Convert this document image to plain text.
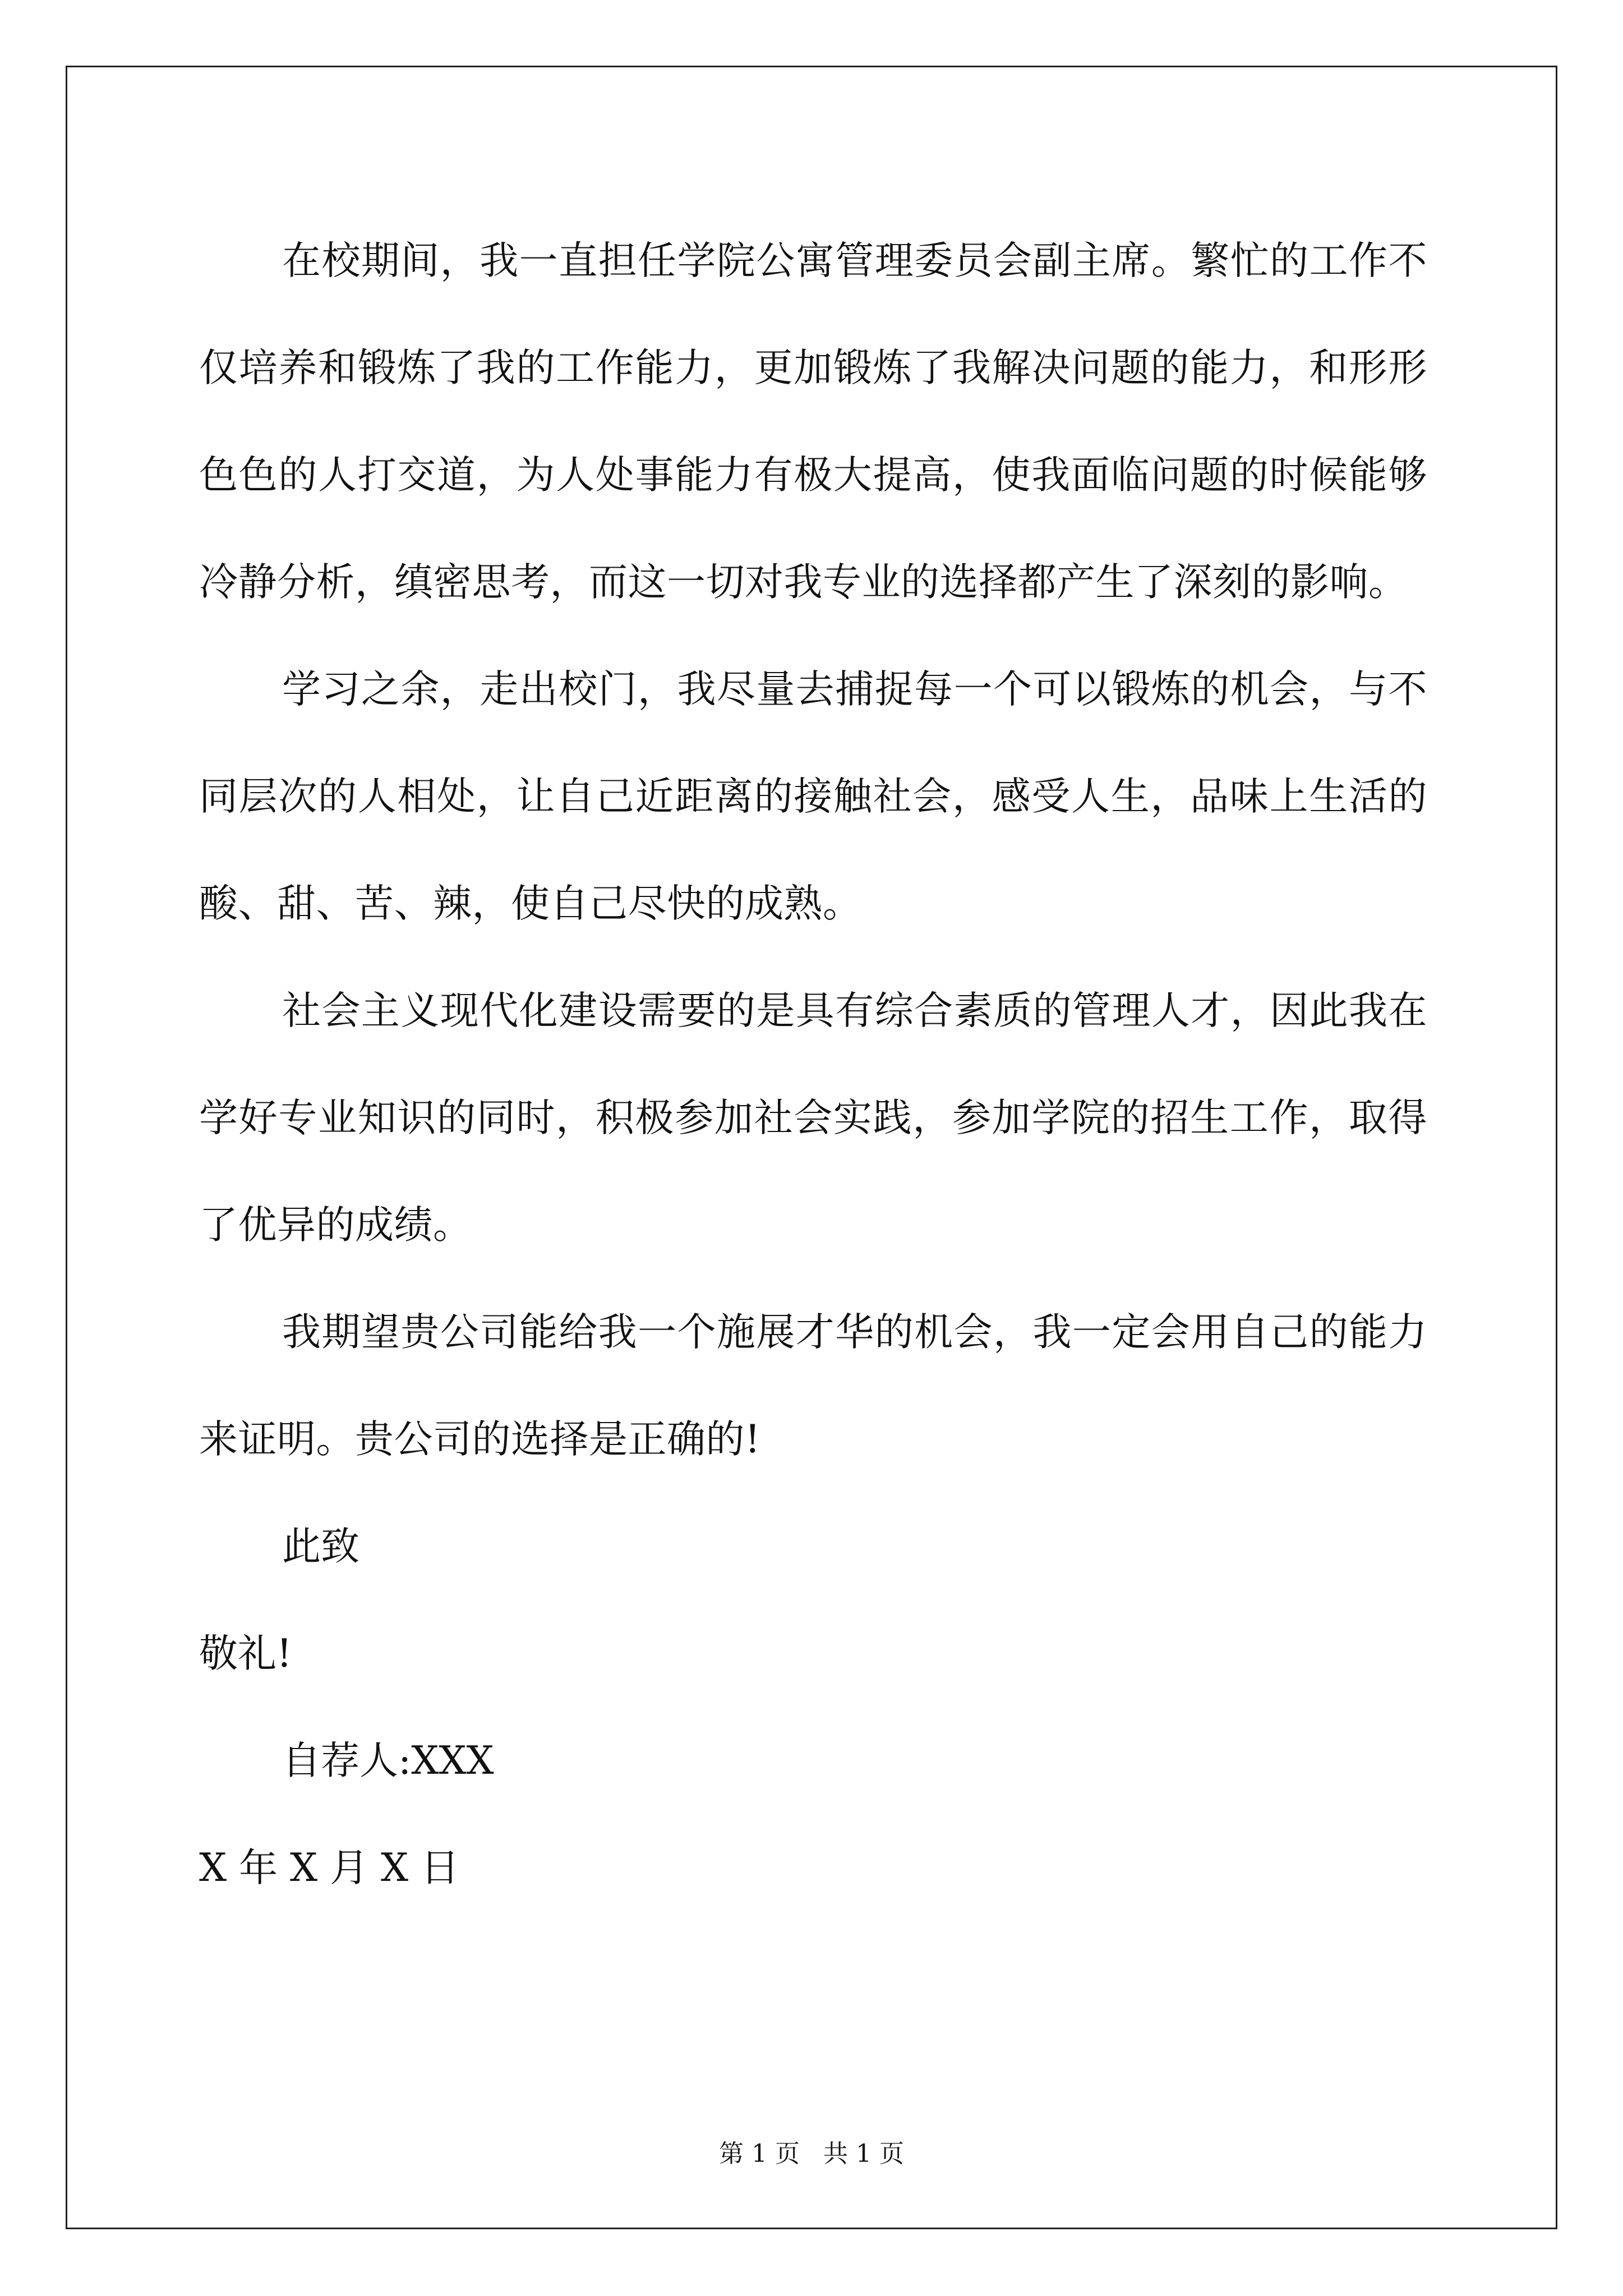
在校期间，我一直担任学院公寓管理委员会副主席。繁忙的工作不仅培养和锻炼了我的工作能力，更加锻炼了我解决问题的能力，和形形色色的人打交道，为人处事能力有极大提高，使我面临问题的时候能够冷静分析，缜密思考，而这一切对我专业的选择都产生了深刻的影响。

学习之余，走出校门，我尽量去捕捉每一个可以锻炼的机会，与不同层次的人相处，让自己近距离的接触社会，感受人生，品味上生活的酸、甜、苦、辣，使自己尽快的成熟。

社会主义现代化建设需要的是具有综合素质的管理人才，因此我在学好专业知识的同时，积极参加社会实践，参加学院的招生工作，取得了优异的成绩。

我期望贵公司能给我一个施展才华的机会，我一定会用自己的能力来证明。贵公司的选择是正确的!

此致

敬礼!

自荐人:XXX

X 年 X 月 X 日

第 1 页   共 1 页
